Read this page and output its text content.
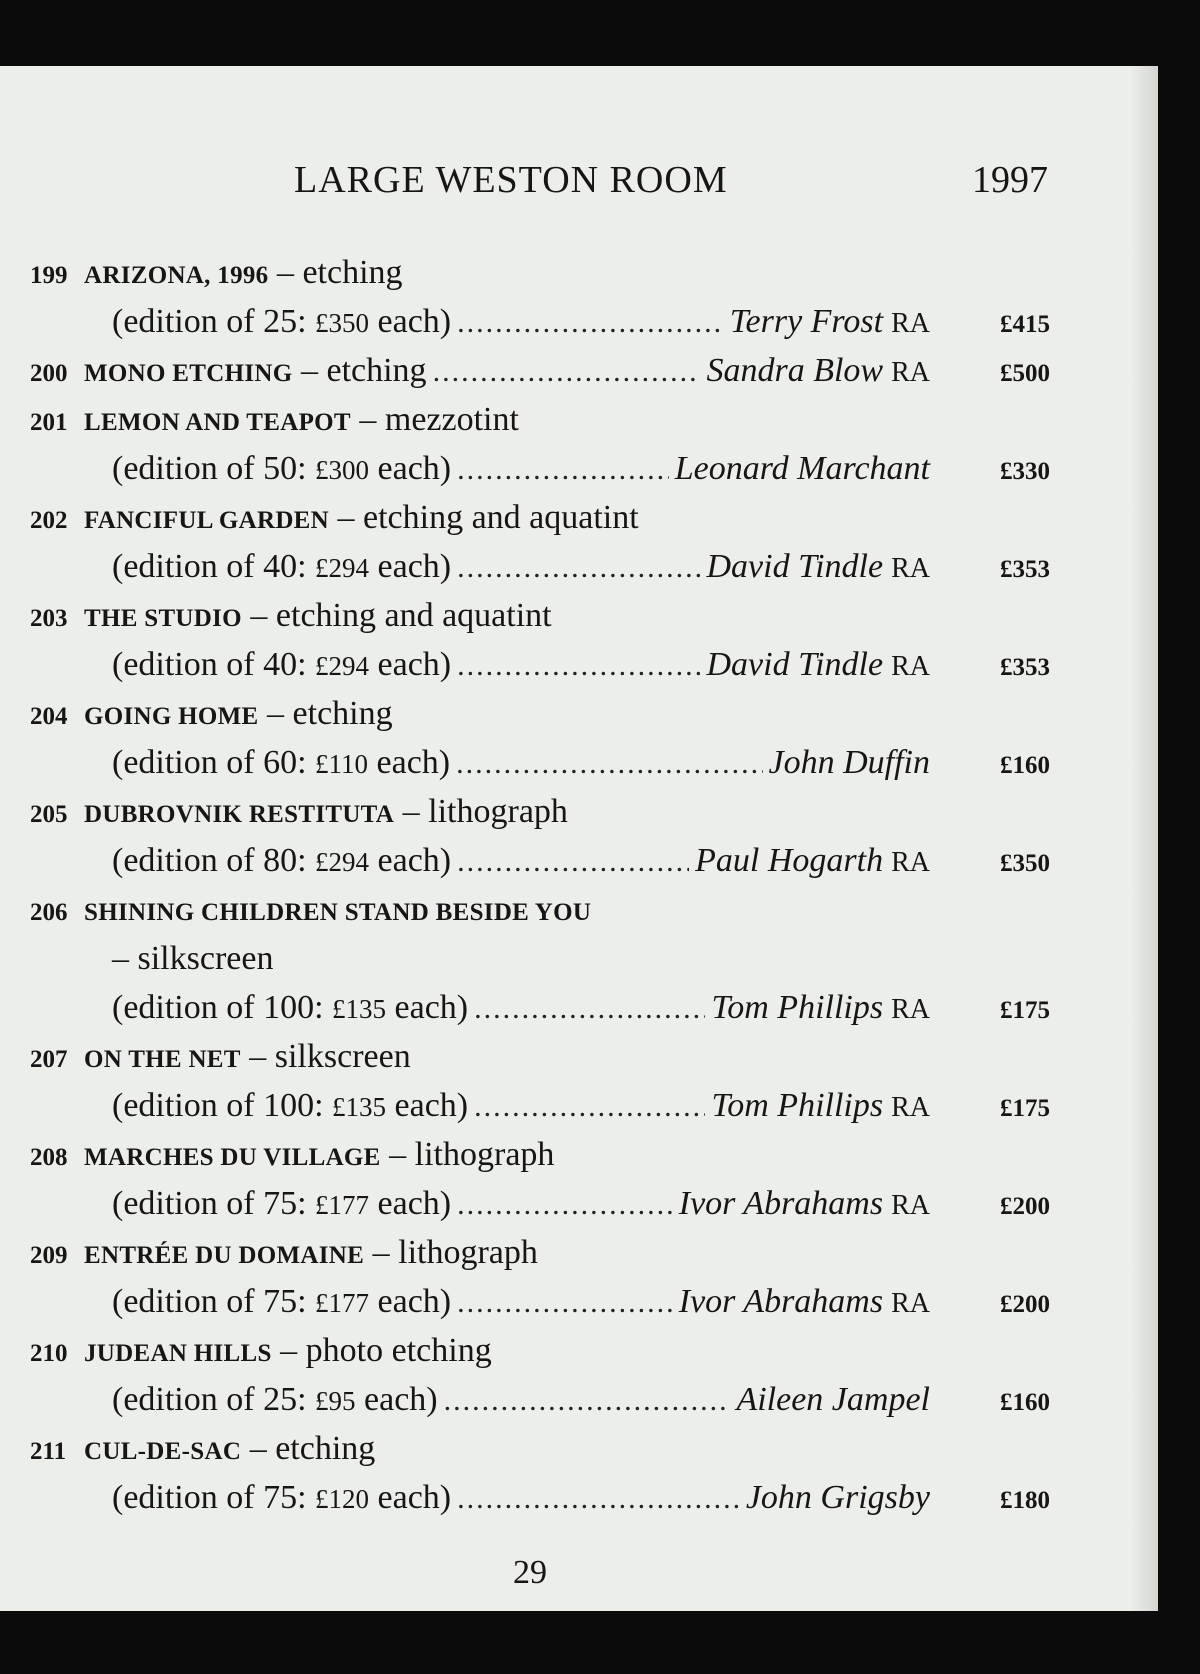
LARGE WESTON ROOM	1997
199 ARIZONA, 1996 – etching
(edition of 25: £350 each) .....	Terry Frost RA	£415
200 MONO ETCHING – etching .....	Sandra Blow RA	£500
201 LEMON AND TEAPOT – mezzotint
(edition of 50: £300 each) .....	Leonard Marchant	£330
202 FANCIFUL GARDEN – etching and aquatint
(edition of 40: £294 each) .....	David Tindle RA	£353
203 THE STUDIO – etching and aquatint
(edition of 40: £294 each) .....	David Tindle RA	£353
204 GOING HOME – etching
(edition of 60: £110 each) .....	John Duffin	£160
205 DUBROVNIK RESTITUTA – lithograph
(edition of 80: £294 each) .....	Paul Hogarth RA	£350
206 SHINING CHILDREN STAND BESIDE YOU
– silkscreen
(edition of 100: £135 each) .....	Tom Phillips RA	£175
207 ON THE NET – silkscreen
(edition of 100: £135 each) .....	Tom Phillips RA	£175
208 MARCHES DU VILLAGE – lithograph
(edition of 75: £177 each) .....	Ivor Abrahams RA	£200
209 ENTRÉE DU DOMAINE – lithograph
(edition of 75: £177 each) .....	Ivor Abrahams RA	£200
210 JUDEAN HILLS – photo etching
(edition of 25: £95 each) .....	Aileen Jampel	£160
211 CUL-DE-SAC – etching
(edition of 75: £120 each) .....	John Grigsby	£180
29
